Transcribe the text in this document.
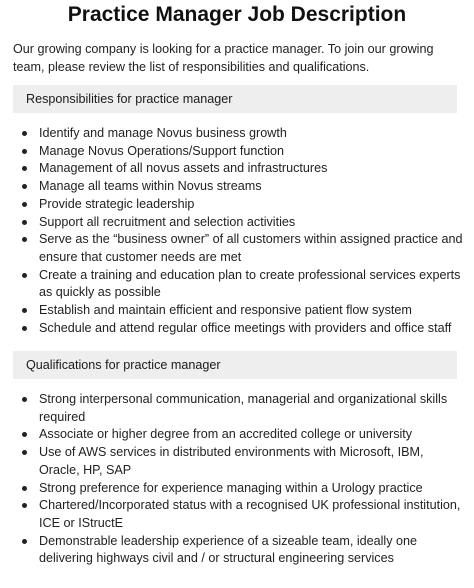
Practice Manager Job Description

Our growing company is looking for a practice manager. To join our growing team, please review the list of responsibilities and qualifications.

Responsibilities for practice manager
Identify and manage Novus business growth
Manage Novus Operations/Support function
Management of all novus assets and infrastructures
Manage all teams within Novus streams
Provide strategic leadership
Support all recruitment and selection activities
Serve as the “business owner” of all customers within assigned practice and ensure that customer needs are met
Create a training and education plan to create professional services experts as quickly as possible
Establish and maintain efficient and responsive patient flow system
Schedule and attend regular office meetings with providers and office staff
Qualifications for practice manager
Strong interpersonal communication, managerial and organizational skills required
Associate or higher degree from an accredited college or university
Use of AWS services in distributed environments with Microsoft, IBM, Oracle, HP, SAP
Strong preference for experience managing within a Urology practice
Chartered/Incorporated status with a recognised UK professional institution, ICE or IStructE
Demonstrable leadership experience of a sizeable team, ideally one delivering highways civil and / or structural engineering services
